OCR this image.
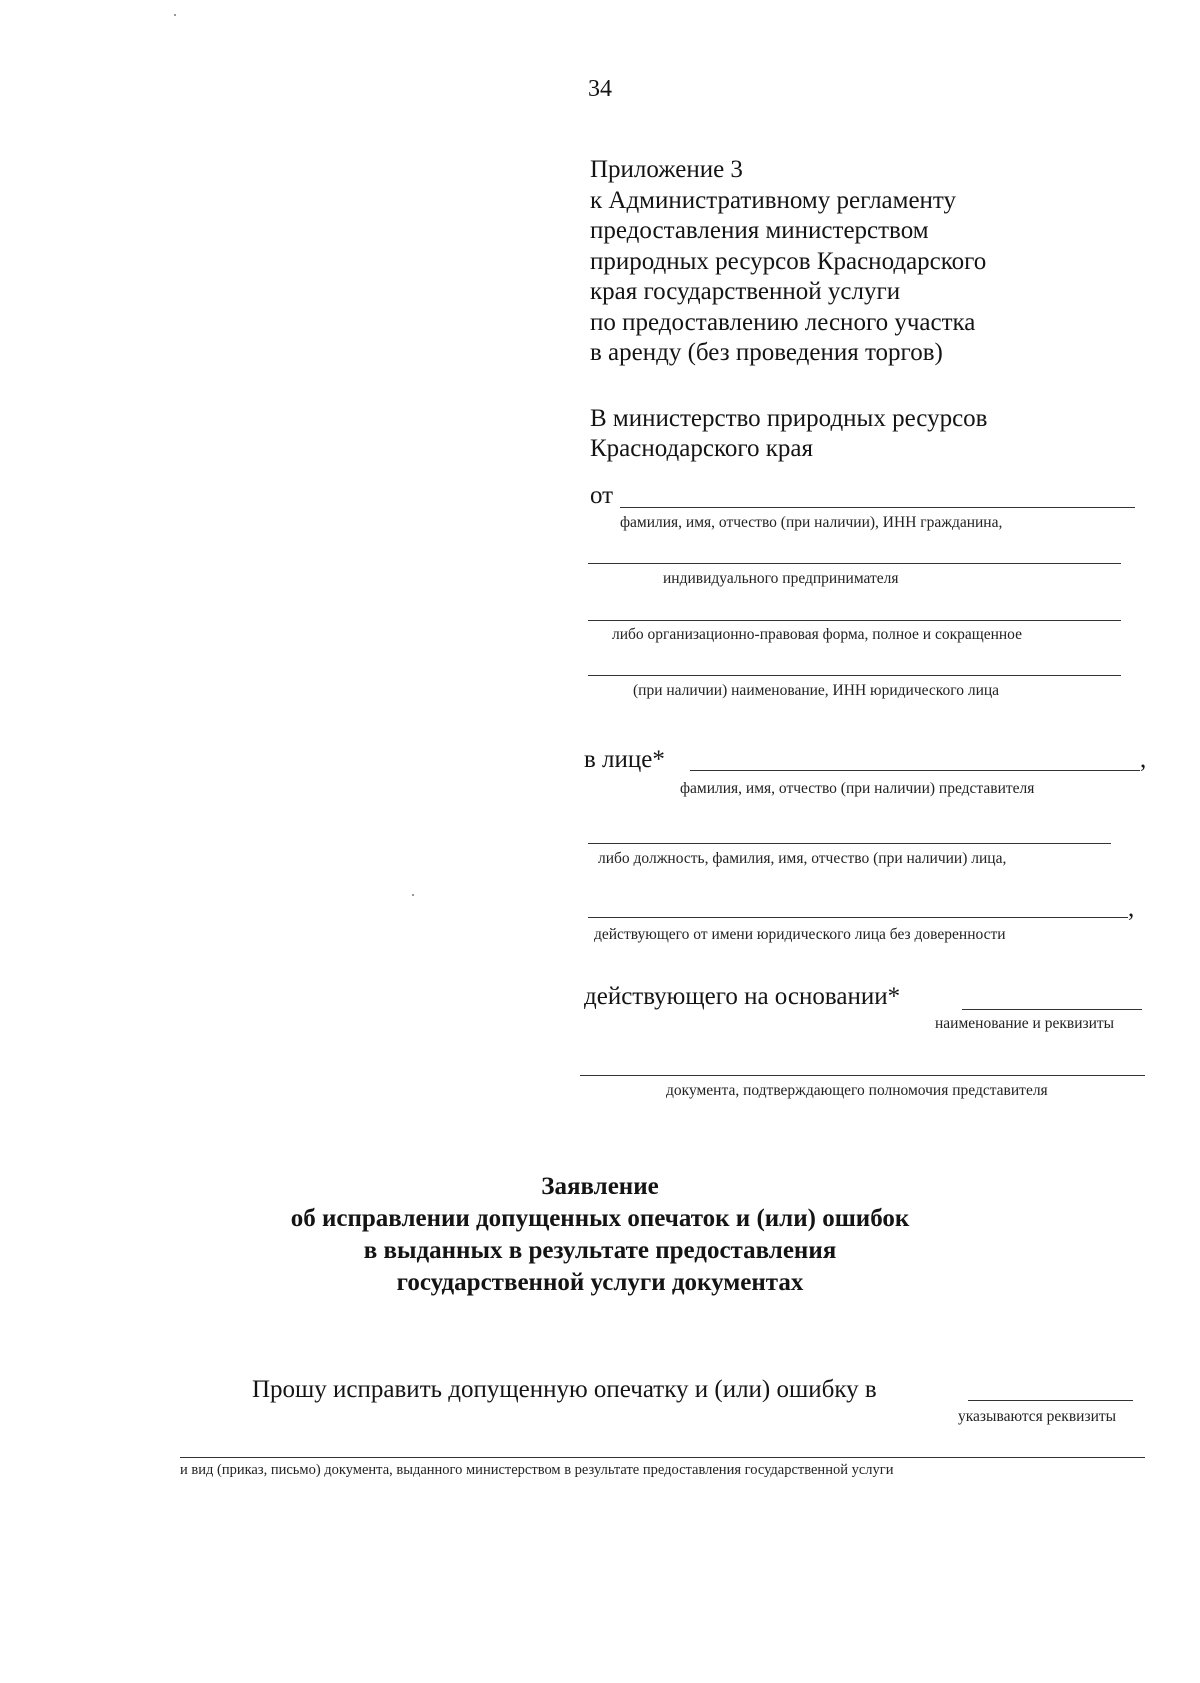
34
Приложение 3
к Административному регламенту
предоставления министерством
природных ресурсов Краснодарского
края государственной услуги
по предоставлению лесного участка
в аренду (без проведения торгов)
В министерство природных ресурсов
Краснодарского края
от
фамилия, имя, отчество (при наличии), ИНН гражданина,
индивидуального предпринимателя
либо организационно-правовая форма, полное и сокращенное
(при наличии) наименование, ИНН юридического лица
в лице*	,
фамилия, имя, отчество (при наличии) представителя
либо должность, фамилия, имя, отчество (при наличии) лица,
,
действующего от имени юридического лица без доверенности
действующего на основании*
наименование и реквизиты
документа, подтверждающего полномочия представителя
Заявление
об исправлении допущенных опечаток и (или) ошибок
в выданных в результате предоставления
государственной услуги документах
Прошу исправить допущенную опечатку и (или) ошибку в
указываются реквизиты
и вид (приказ, письмо) документа, выданного министерством в результате предоставления государственной услуги
